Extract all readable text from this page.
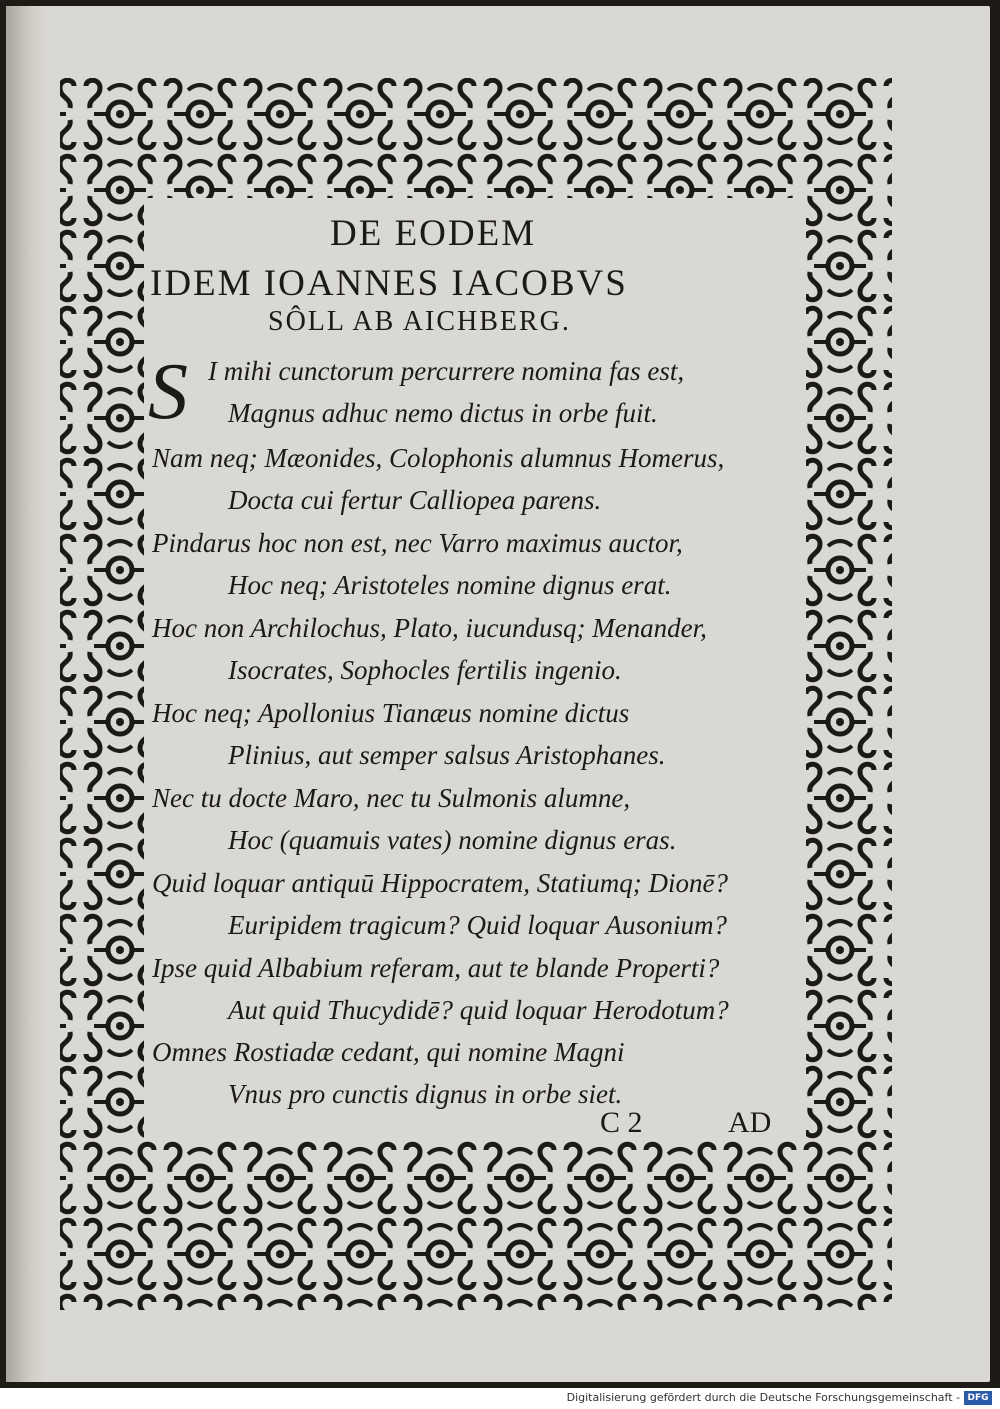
DE EODEM
IDEM IOANNES IACOBVS
SÔLL AB AICHBERG.
S I mihi cunctorum percurrere nomina fas est,
Magnus adhuc nemo dictus in orbe fuit.
Nam neq; Mæonides, Colophonis alumnus Homerus,
Docta cui fertur Calliopea parens.
Pindarus hoc non est, nec Varro maximus auctor,
Hoc neq; Aristoteles nomine dignus erat.
Hoc non Archilochus, Plato, iucundusq; Menander,
Isocrates, Sophocles fertilis ingenio.
Hoc neq; Apollonius Tianæus nomine dictus
Plinius, aut semper salsus Aristophanes.
Nec tu docte Maro, nec tu Sulmonis alumne,
Hoc (quamuis vates) nomine dignus eras.
Quid loquar antiquū Hippocratem, Statiumq; Dionē?
Euripidem tragicum? Quid loquar Ausonium?
Ipse quid Albabium referam, aut te blande Properti?
Aut quid Thucydidē? quid loquar Herodotum?
Omnes Rostiadæ cedant, qui nomine Magni
Vnus pro cunctis dignus in orbe siet.
C 2	AD
Digitalisierung gefördert durch die Deutsche Forschungsgemeinschaft - DFG
